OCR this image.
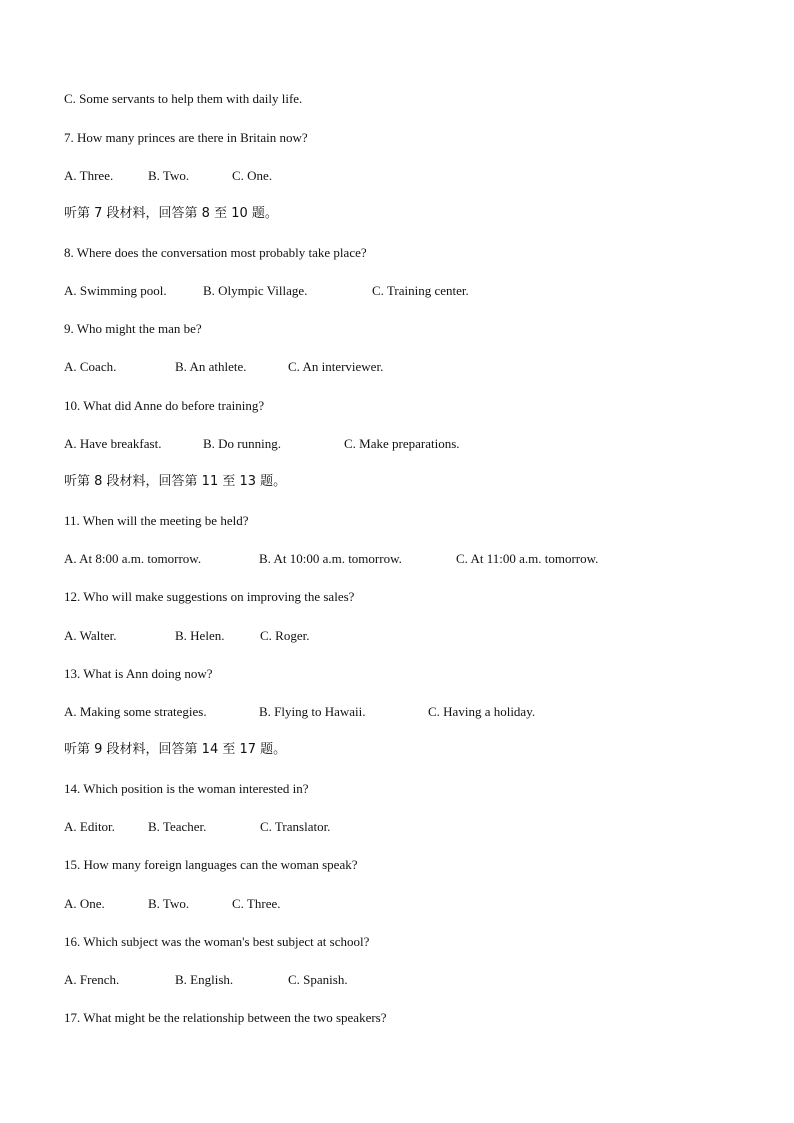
C. Some servants to help them with daily life.
7. How many princes are there in Britain now?
A. Three.	B. Two.	C. One.
听第 7 段材料，回答第 8 至 10 题。
8. Where does the conversation most probably take place?
A. Swimming pool.	B. Olympic Village.	C. Training center.
9. Who might the man be?
A. Coach.	B. An athlete.	C. An interviewer.
10. What did Anne do before training?
A. Have breakfast.	B. Do running.	C. Make preparations.
听第 8 段材料，回答第 11 至 13 题。
11. When will the meeting be held?
A. At 8:00 a.m. tomorrow.	B. At 10:00 a.m. tomorrow.	C. At 11:00 a.m. tomorrow.
12. Who will make suggestions on improving the sales?
A. Walter.	B. Helen.	C. Roger.
13. What is Ann doing now?
A. Making some strategies.	B. Flying to Hawaii.	C. Having a holiday.
听第 9 段材料，回答第 14 至 17 题。
14. Which position is the woman interested in?
A. Editor.	B. Teacher.	C. Translator.
15. How many foreign languages can the woman speak?
A. One.	B. Two.	C. Three.
16. Which subject was the woman's best subject at school?
A. French.	B. English.	C. Spanish.
17. What might be the relationship between the two speakers?
